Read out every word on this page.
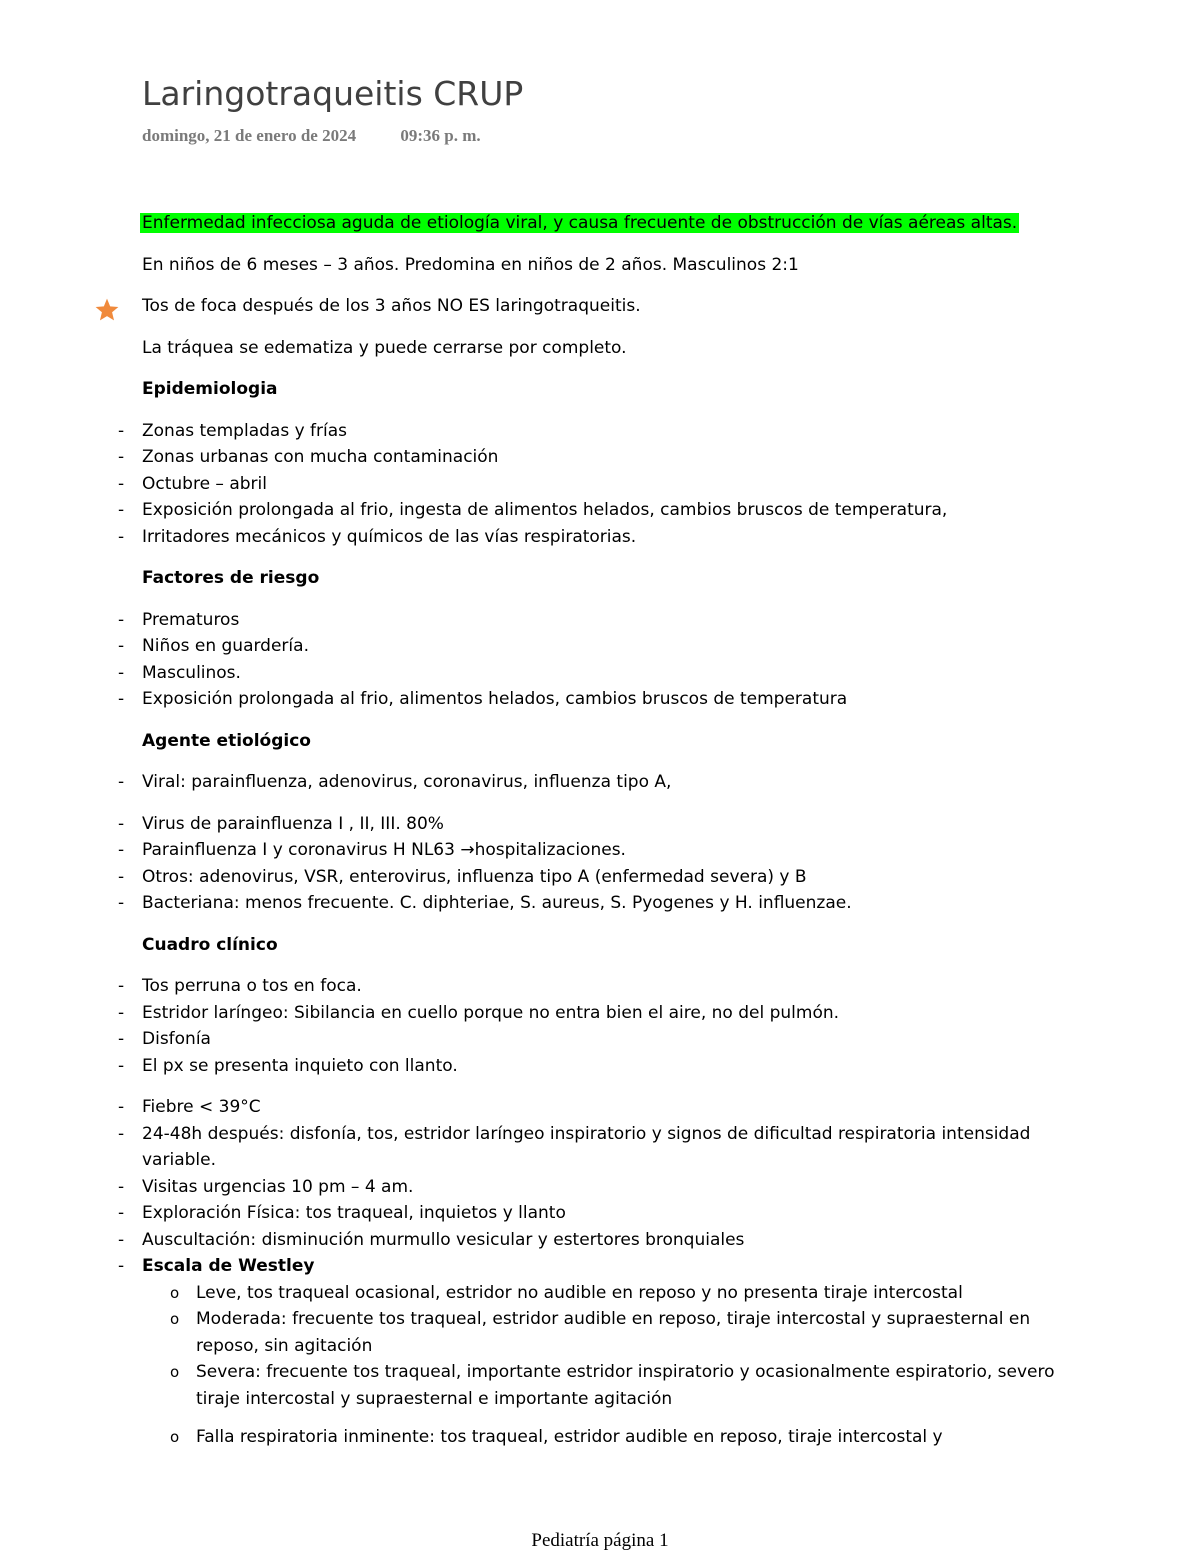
Laringotraqueitis CRUP
domingo, 21 de enero de 2024	09:36 p. m.

Enfermedad infecciosa aguda de etiología viral, y causa frecuente de obstrucción de vías aéreas altas.

En niños de 6 meses – 3 años. Predomina en niños de 2 años. Masculinos 2:1

Tos de foca después de los 3 años NO ES laringotraqueitis.

La tráquea se edematiza y puede cerrarse por completo.

Epidemiologia

- Zonas templadas y frías
- Zonas urbanas con mucha contaminación
- Octubre – abril
- Exposición prolongada al frio, ingesta de alimentos helados, cambios bruscos de temperatura,
- Irritadores mecánicos y químicos de las vías respiratorias.

Factores de riesgo

- Prematuros
- Niños en guardería.
- Masculinos.
- Exposición prolongada al frio, alimentos helados, cambios bruscos de temperatura

Agente etiológico

- Viral: parainfluenza, adenovirus, coronavirus, influenza tipo A,
- Virus de parainfluenza I , II, III. 80%
- Parainfluenza I y coronavirus H NL63 →hospitalizaciones.
- Otros: adenovirus, VSR, enterovirus, influenza tipo A (enfermedad severa) y B
- Bacteriana: menos frecuente. C. diphteriae, S. aureus, S. Pyogenes y H. influenzae.

Cuadro clínico

- Tos perruna o tos en foca.
- Estridor laríngeo: Sibilancia en cuello porque no entra bien el aire, no del pulmón.
- Disfonía
- El px se presenta inquieto con llanto.
- Fiebre < 39°C
- 24-48h después: disfonía, tos, estridor laríngeo inspiratorio y signos de dificultad respiratoria intensidad variable.
- Visitas urgencias 10 pm – 4 am.
- Exploración Física: tos traqueal, inquietos y llanto
- Auscultación: disminución murmullo vesicular y estertores bronquiales
- Escala de Westley
o Leve, tos traqueal ocasional, estridor no audible en reposo y no presenta tiraje intercostal
o Moderada: frecuente tos traqueal, estridor audible en reposo, tiraje intercostal y supraesternal en reposo, sin agitación
o Severa: frecuente tos traqueal, importante estridor inspiratorio y ocasionalmente espiratorio, severo tiraje intercostal y supraesternal e importante agitación
o Falla respiratoria inminente: tos traqueal, estridor audible en reposo, tiraje intercostal y
Pediatría página 1
